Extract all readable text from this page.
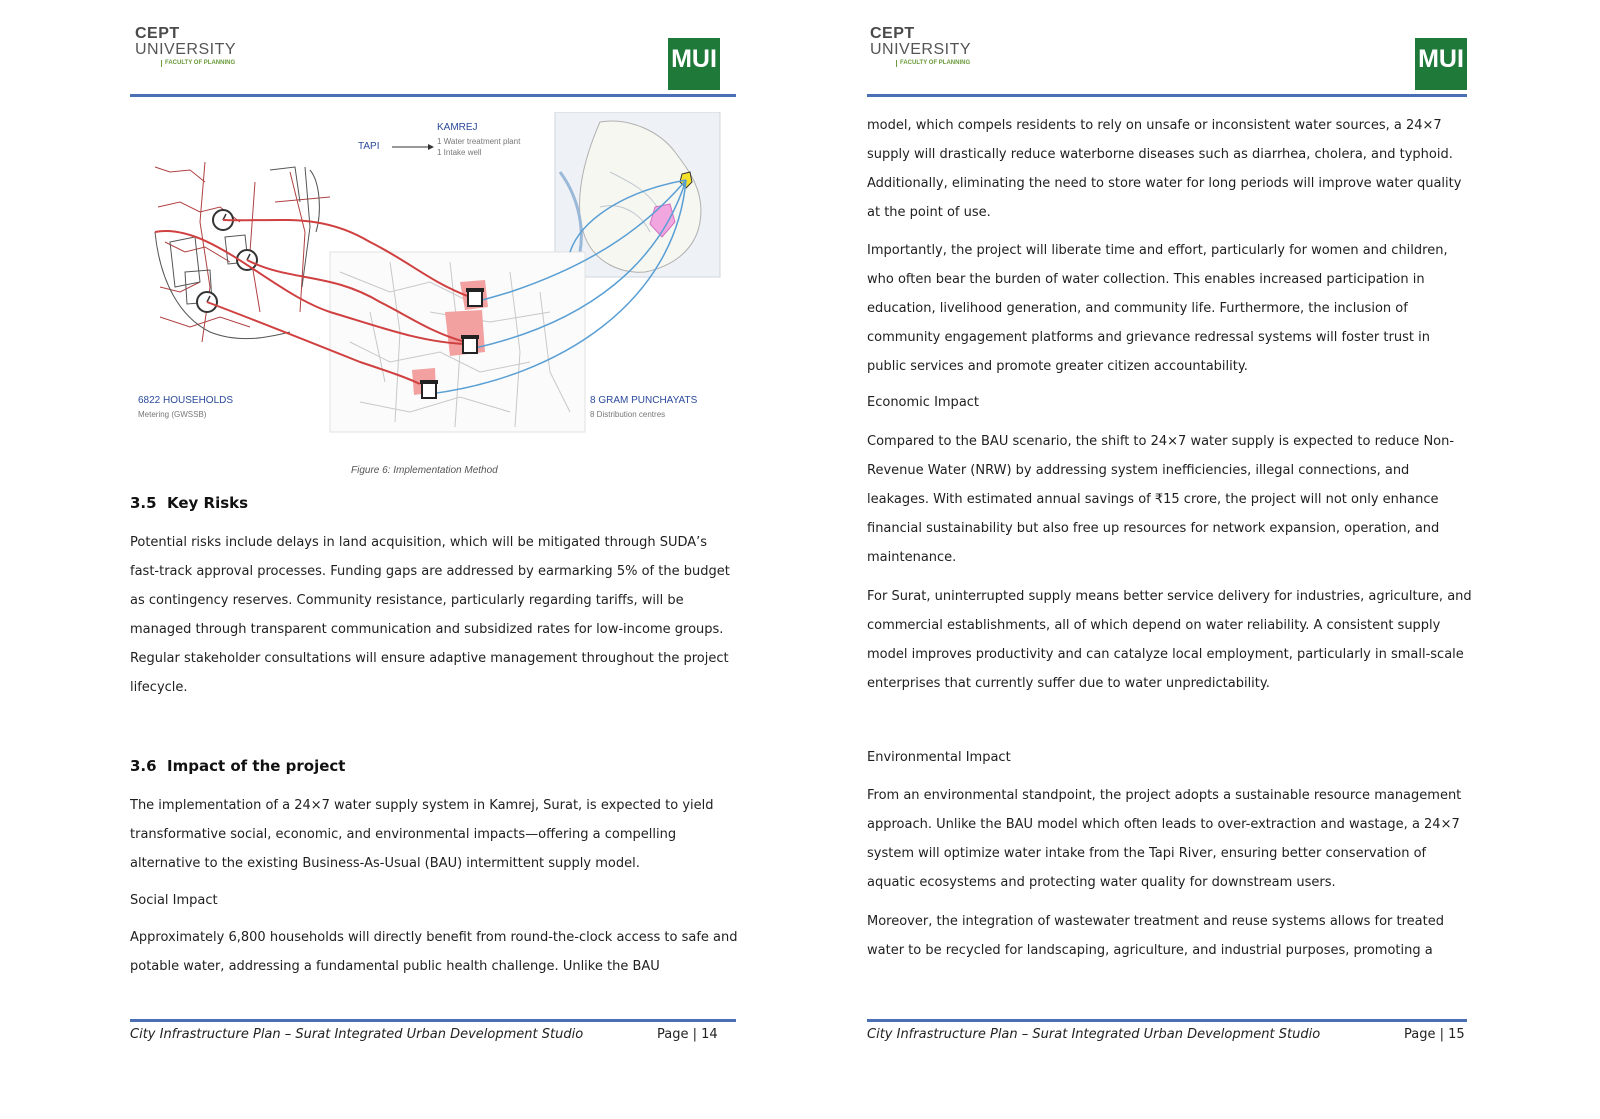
CEPT
UNIVERSITY
FACULTY OF PLANNING	MUI
KAMREJ
1 Water treatment plant
1 Intake well
TAPI
6822 HOUSEHOLDS
Metering (GWSSB)
8 GRAM PUNCHAYATS
8 Distribution centres
Figure 6: Implementation Method
3.5 Key Risks

Potential risks include delays in land acquisition, which will be mitigated through SUDA’s fast-track approval processes. Funding gaps are addressed by earmarking 5% of the budget as contingency reserves. Community resistance, particularly regarding tariffs, will be managed through transparent communication and subsidized rates for low-income groups. Regular stakeholder consultations will ensure adaptive management throughout the project lifecycle.

3.6 Impact of the project

The implementation of a 24×7 water supply system in Kamrej, Surat, is expected to yield transformative social, economic, and environmental impacts—offering a compelling alternative to the existing Business-As-Usual (BAU) intermittent supply model.

Social Impact

Approximately 6,800 households will directly benefit from round-the-clock access to safe and potable water, addressing a fundamental public health challenge. Unlike the BAU

City Infrastructure Plan – Surat Integrated Urban Development Studio	Page | 14
CEPT
UNIVERSITY
FACULTY OF PLANNING	MUI

model, which compels residents to rely on unsafe or inconsistent water sources, a 24×7 supply will drastically reduce waterborne diseases such as diarrhea, cholera, and typhoid. Additionally, eliminating the need to store water for long periods will improve water quality at the point of use.

Importantly, the project will liberate time and effort, particularly for women and children, who often bear the burden of water collection. This enables increased participation in education, livelihood generation, and community life. Furthermore, the inclusion of community engagement platforms and grievance redressal systems will foster trust in public services and promote greater citizen accountability.

Economic Impact

Compared to the BAU scenario, the shift to 24×7 water supply is expected to reduce Non-Revenue Water (NRW) by addressing system inefficiencies, illegal connections, and leakages. With estimated annual savings of ₹15 crore, the project will not only enhance financial sustainability but also free up resources for network expansion, operation, and maintenance.

For Surat, uninterrupted supply means better service delivery for industries, agriculture, and commercial establishments, all of which depend on water reliability. A consistent supply model improves productivity and can catalyze local employment, particularly in small-scale enterprises that currently suffer due to water unpredictability.

Environmental Impact

From an environmental standpoint, the project adopts a sustainable resource management approach. Unlike the BAU model which often leads to over-extraction and wastage, a 24×7 system will optimize water intake from the Tapi River, ensuring better conservation of aquatic ecosystems and protecting water quality for downstream users.

Moreover, the integration of wastewater treatment and reuse systems allows for treated water to be recycled for landscaping, agriculture, and industrial purposes, promoting a

City Infrastructure Plan – Surat Integrated Urban Development Studio	Page | 15
